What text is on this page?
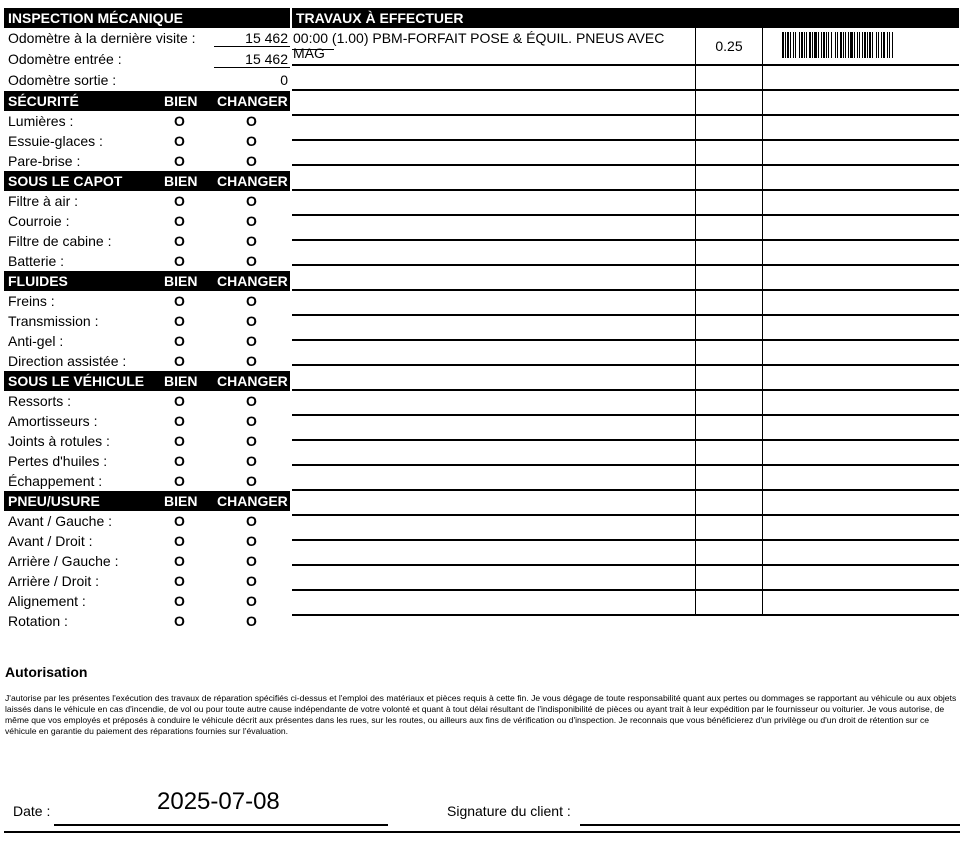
INSPECTION MÉCANIQUE
Odomètre à la dernière visite :	15 462
Odomètre entrée :	15 462
Odomètre sortie :	0
SÉCURITÉ	BIEN CHANGER
Lumières :	O	O
Essuie-glaces :	O	O
Pare-brise :	O	O
SOUS LE CAPOT	BIEN CHANGER
Filtre à air :	O	O
Courroie :	O	O
Filtre de cabine :	O	O
Batterie :	O	O
FLUIDES	BIEN CHANGER
Freins :	O	O
Transmission :	O	O
Anti-gel :	O	O
Direction assistée :	O	O
SOUS LE VÉHICULE BIEN CHANGER
Ressorts :	O	O
Amortisseurs :	O	O
Joints à rotules :	O	O
Pertes d'huiles :	O	O
Échappement :	O	O
PNEU/USURE	BIEN CHANGER
Avant / Gauche :	O	O
Avant / Droit :	O	O
Arrière / Gauche :	O	O
Arrière / Droit :	O	O
Alignement :	O	O
Rotation :	O	O
TRAVAUX À EFFECTUER
00:00 (1.00) PBM-FORFAIT POSE & ÉQUIL. PNEUS AVEC MAG	0.25
Autorisation

J'autorise par les présentes l'exécution des travaux de réparation spécifiés ci-dessus et l'emploi des matériaux et pièces requis à cette fin. Je vous dégage de toute responsabilité quant aux pertes ou dommages se rapportant au véhicule ou aux objets laissés dans le véhicule en cas d'incendie, de vol ou pour toute autre cause indépendante de votre volonté et quant à tout délai résultant de l'indisponibilité de pièces ou ayant trait à leur expédition par le fournisseur ou voiturier. Je vous autorise, de même que vos employés et préposés à conduire le véhicule décrit aux présentes dans les rues, sur les routes, ou ailleurs aux fins de vérification ou d'inspection. Je reconnais que vous bénéficierez d'un privilège ou d'un droit de rétention sur ce véhicule en garantie du paiement des réparations fournies sur l'évaluation.

Date :	2025-07-08	Signature du client :
